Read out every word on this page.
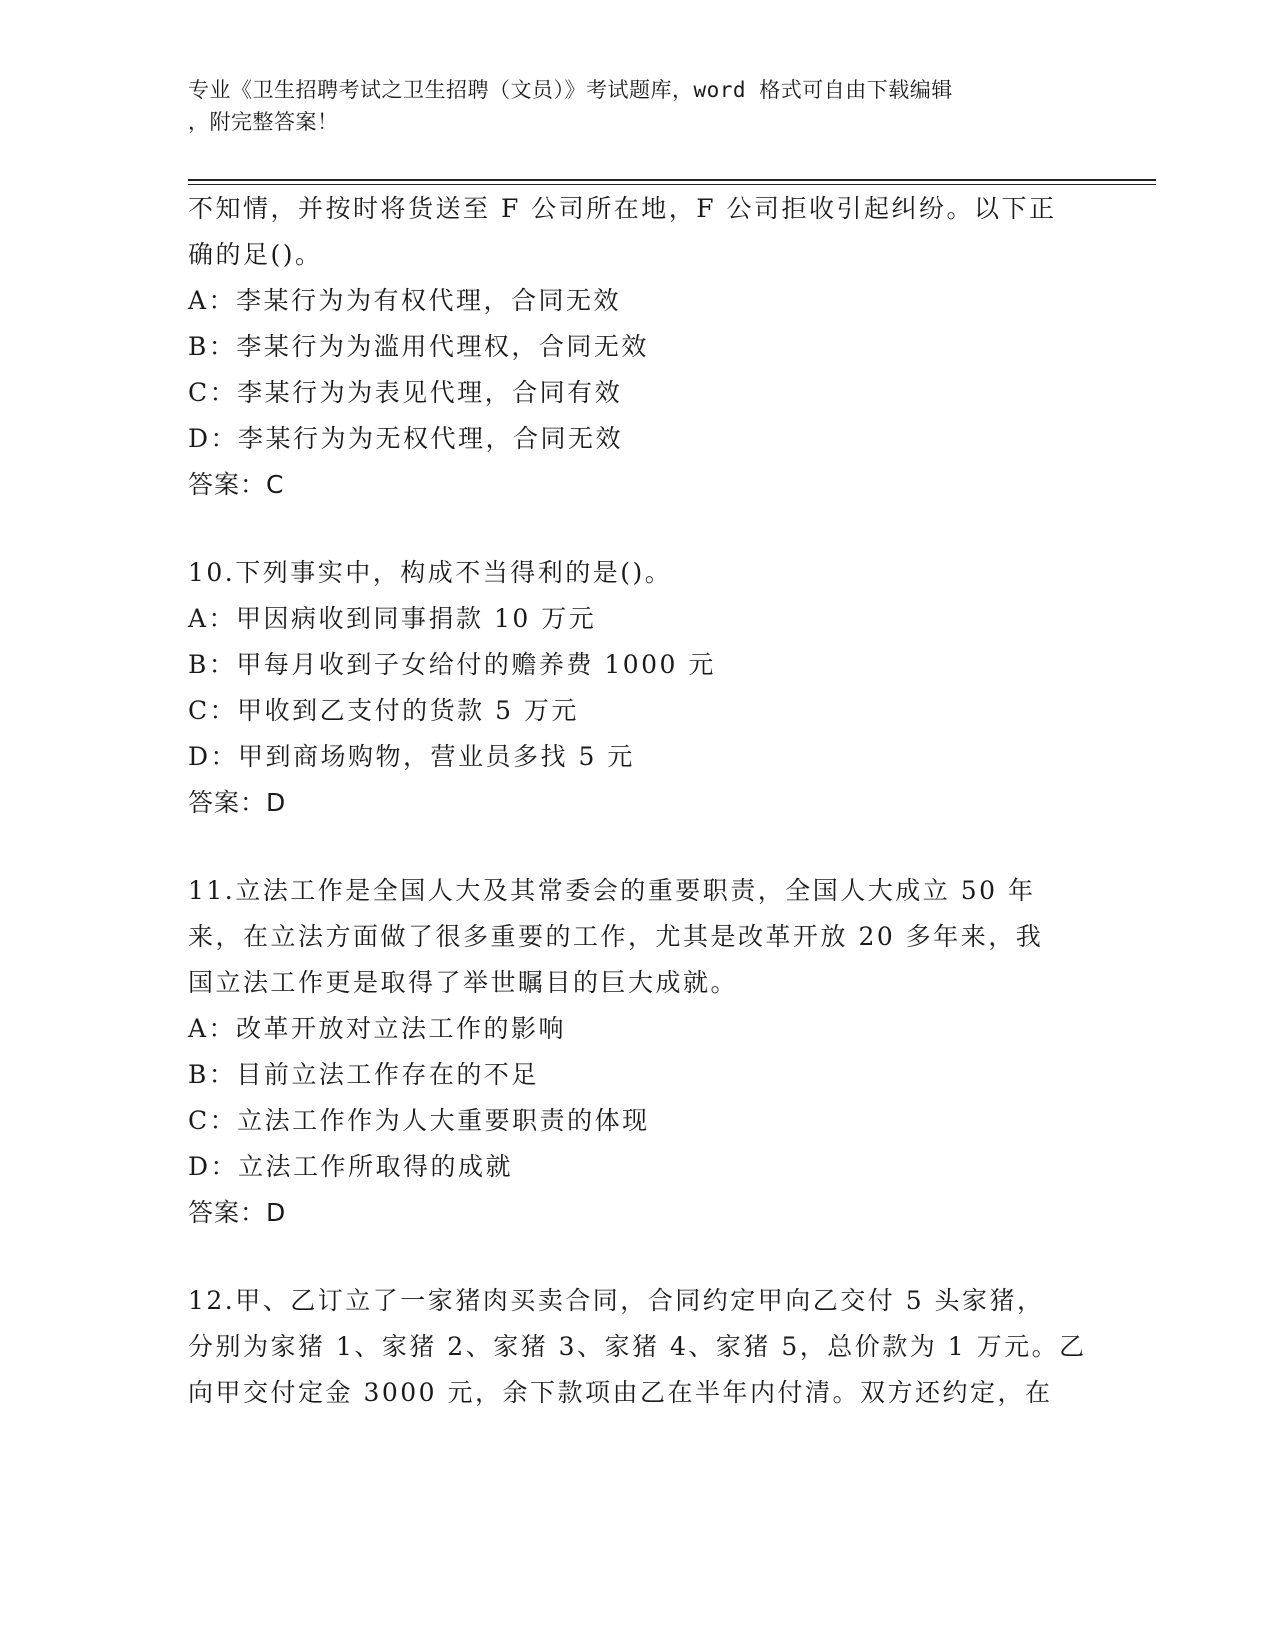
专业《卫生招聘考试之卫生招聘（文员）》考试题库，word 格式可自由下载编辑
，附完整答案！
不知情，并按时将货送至 F 公司所在地，F 公司拒收引起纠纷。以下正
确的足()。
A：李某行为为有权代理，合同无效
B：李某行为为滥用代理权，合同无效
C：李某行为为表见代理，合同有效
D：李某行为为无权代理，合同无效
答案：C
10.下列事实中，构成不当得利的是()。
A：甲因病收到同事捐款 10 万元
B：甲每月收到子女给付的赡养费 1000 元
C：甲收到乙支付的货款 5 万元
D：甲到商场购物，营业员多找 5 元
答案：D
11.立法工作是全国人大及其常委会的重要职责，全国人大成立 50 年
来，在立法方面做了很多重要的工作，尤其是改革开放 20 多年来，我
国立法工作更是取得了举世瞩目的巨大成就。
A：改革开放对立法工作的影响
B：目前立法工作存在的不足
C：立法工作作为人大重要职责的体现
D：立法工作所取得的成就
答案：D
12.甲、乙订立了一家猪肉买卖合同，合同约定甲向乙交付 5 头家猪，
分别为家猪 1、家猪 2、家猪 3、家猪 4、家猪 5，总价款为 1 万元。乙
向甲交付定金 3000 元，余下款项由乙在半年内付清。双方还约定，在
